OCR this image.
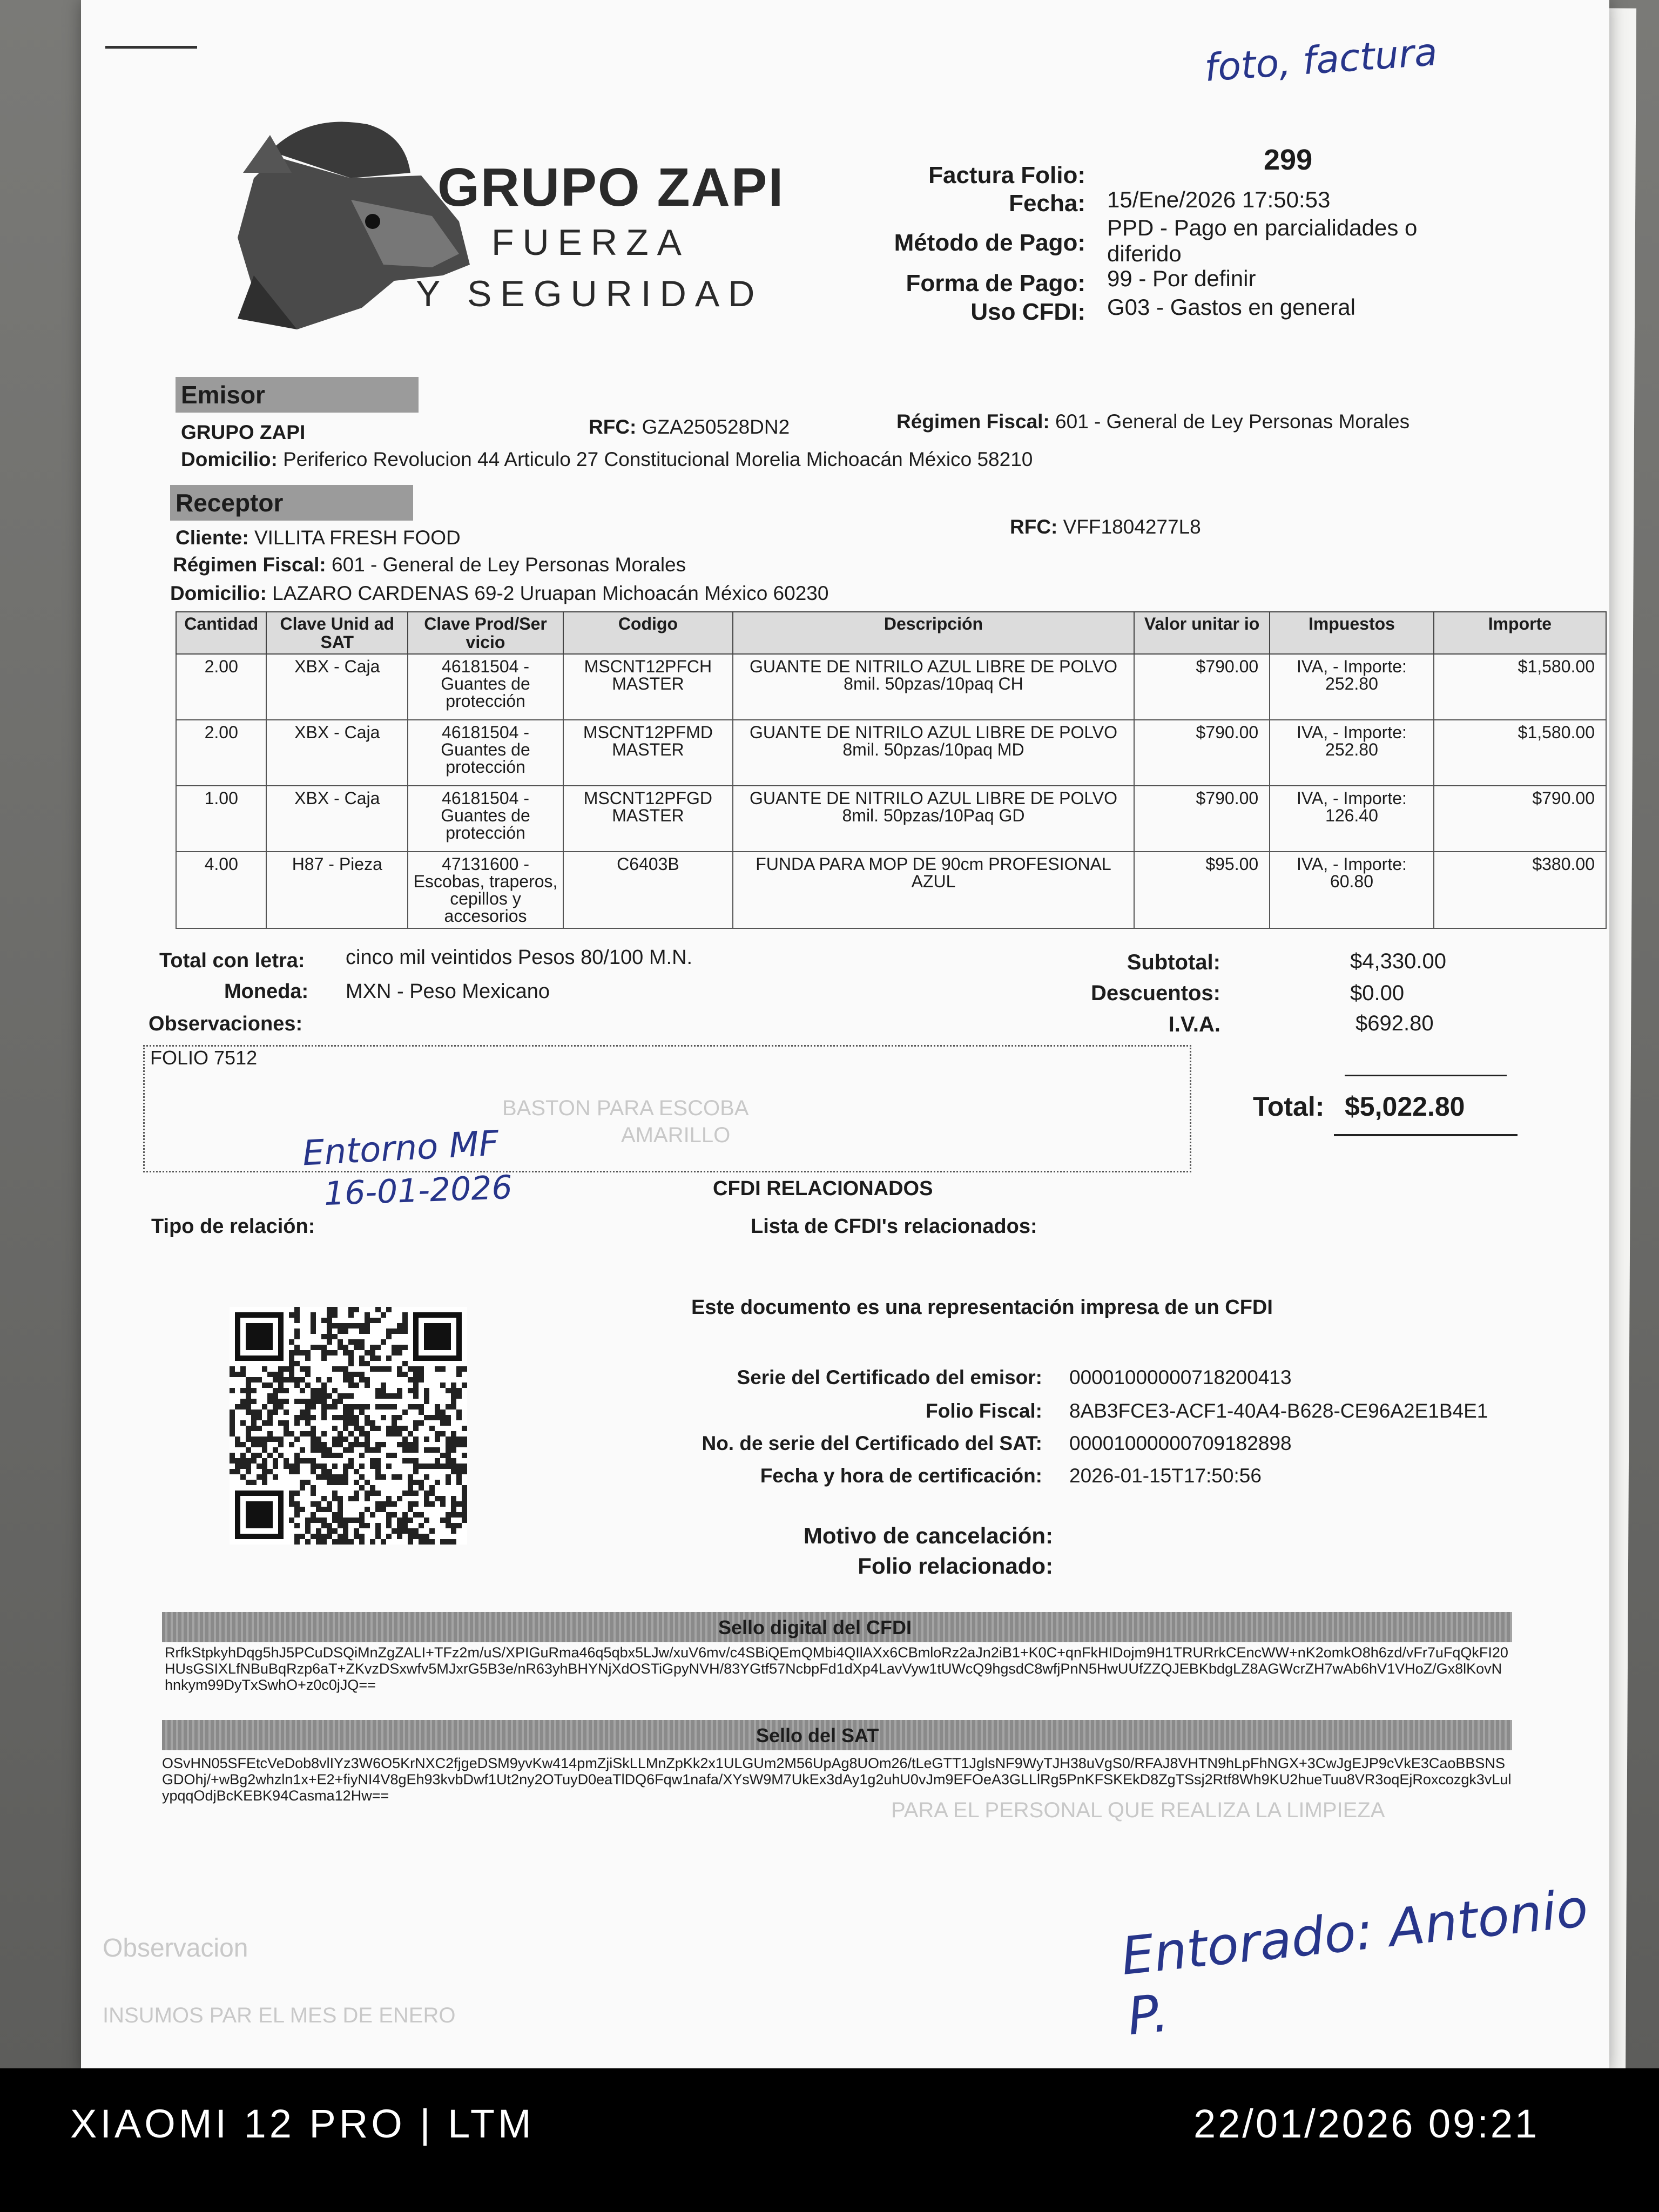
BASTON PARA ESCOBA
AMARILLO
PARA EL PERSONAL QUE REALIZA LA LIMPIEZA
Observacion
INSUMOS PAR EL MES DE ENERO
foto, factura
GRUPO ZAPI
FUERZA
Y SEGURIDAD
299
Factura Folio:
Fecha: 15/Ene/2026 17:50:53
Método de Pago:
PPD - Pago en parcialidades o diferido
Forma de Pago: 99 - Por definir
Uso CFDI: G03 - Gastos en general
Emisor
GRUPO ZAPI	RFC: GZA250528DN2	Régimen Fiscal: 601 - General de Ley Personas Morales
Domicilio: Periferico Revolucion 44 Articulo 27 Constitucional Morelia Michoacán México 58210
Receptor
Cliente: VILLITA FRESH FOOD	RFC: VFF1804277L8
Régimen Fiscal: 601 - General de Ley Personas Morales
Domicilio: LAZARO CARDENAS 69-2 Uruapan Michoacán México 60230
Cantidad	Clave Unid ad SAT	Clave Prod/Ser vicio	Codigo	Descripción	Valor unitar io	Impuestos	Importe
2.00	XBX - Caja	46181504 - Guantes de protección	MSCNT12PFCH MASTER	GUANTE DE NITRILO AZUL LIBRE DE POLVO 8mil. 50pzas/10paq CH	$790.00	IVA, - Importe: 252.80	$1,580.00
2.00	XBX - Caja	46181504 - Guantes de protección	MSCNT12PFMD MASTER	GUANTE DE NITRILO AZUL LIBRE DE POLVO 8mil. 50pzas/10paq MD	$790.00	IVA, - Importe: 252.80	$1,580.00
1.00	XBX - Caja	46181504 - Guantes de protección	MSCNT12PFGD MASTER	GUANTE DE NITRILO AZUL LIBRE DE POLVO 8mil. 50pzas/10Paq GD	$790.00	IVA, - Importe: 126.40	$790.00
4.00	H87 - Pieza	47131600 - Escobas, traperos, cepillos y accesorios	C6403B	FUNDA PARA MOP DE 90cm PROFESIONAL AZUL	$95.00	IVA, - Importe: 60.80	$380.00
Total con letra: cinco mil veintidos Pesos 80/100 M.N.
Moneda: MXN - Peso Mexicano
Observaciones:
FOLIO 7512
Entorno MF
16-01-2026
Subtotal:	$4,330.00
Descuentos:	$0.00
I.V.A.	$692.80
Total: $5,022.80
CFDI RELACIONADOS
Tipo de relación:	Lista de CFDI's relacionados:
Este documento es una representación impresa de un CFDI
Serie del Certificado del emisor: 00001000000718200413
Folio Fiscal: 8AB3FCE3-ACF1-40A4-B628-CE96A2E1B4E1
No. de serie del Certificado del SAT: 00001000000709182898
Fecha y hora de certificación: 2026-01-15T17:50:56
Motivo de cancelación:
Folio relacionado:
Sello digital del CFDI
RrfkStpkyhDqg5hJ5PCuDSQiMnZgZALI+TFz2m/uS/XPIGuRma46q5qbx5LJw/xuV6mv/c4SBiQEmQMbi4QIlAXx6CBmloRz2aJn2iB1+K0C+qnFkHIDojm9H1TRURrkCEncWW+nK2omkO8h6zd/vFr7uFqQkFI20HUsGSIXLfNBuBqRzp6aT+ZKvzDSxwfv5MJxrG5B3e/nR63yhBHYNjXdOSTiGpyNVH/83YGtf57NcbpFd1dXp4LavVyw1tUWcQ9hgsdC8wfjPnN5HwUUfZZQJEBKbdgLZ8AGWcrZH7wAb6hV1VHoZ/Gx8lKovNhnkym99DyTxSwhO+z0c0jJQ==
Sello del SAT
OSvHN05SFEtcVeDob8vlIYz3W6O5KrNXC2fjgeDSM9yvKw414pmZjiSkLLMnZpKk2x1ULGUm2M56UpAg8UOm26/tLeGTT1JglsNF9WyTJH38uVgS0/RFAJ8VHTN9hLpFhNGX+3CwJgEJP9cVkE3CaoBBSNSGDOhj/+wBg2whzln1x+E2+fiyNI4V8gEh93kvbDwf1Ut2ny2OTuyD0eaTlDQ6Fqw1nafa/XYsW9M7UkEx3dAy1g2uhU0vJm9EFOeA3GLLlRg5PnKFSKEkD8ZgTSsj2Rtf8Wh9KU2hueTuu8VR3oqEjRoxcozgk3vLulypqqOdjBcKEBK94Casma12Hw==
Entorado: Antonio P.
XIAOMI 12 PRO | LTM	22/01/2026 09:21
